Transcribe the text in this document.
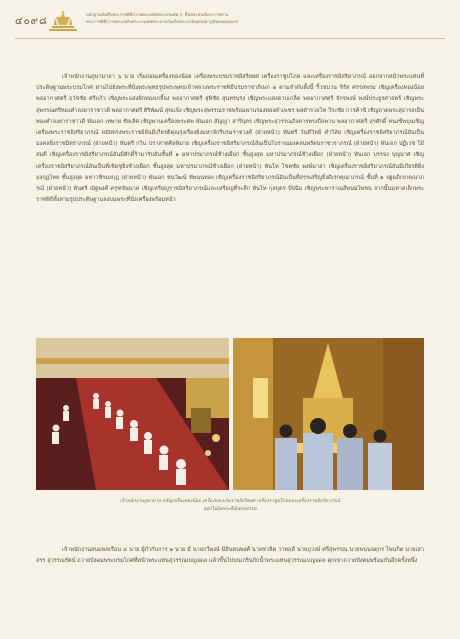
๔๐๙๘
หลักฐานบันทึกพระราชพิธีถวายพระเพลิงพระบรมศพ ก. สิ้นพระชนม์พระราชทาน
พระราชพิธีถวายพระเพลิงพระบรมศพพระบาทสมเด็จพระปรมินทรมหาภูมิพลอดุลยเดช

เจ้าพนักงานภูษามาลา ๖ นาย เริ่มถอนเครื่องทองน้อย เครื่องพระบรมราชอิสริยยศ เครื่องราชูปโภค และเครื่องราชอิสริยาภรณ์ ออกจากหน้าพระแท่นที่ประดิษฐานพระบรมโกศ ผ่านไปยังพระที่นั่งพระพุทธรูปพระพุทธเจ้าหลวงพระราชพิธีบรมราชาภิเษก ๑ ตามลำดับตั้งนี้ ริ้วขบวน จิรัส ศรรสพรม เชิญเครื่องทองน้อย พลอากาศตรี ธวัชชัย ศรีแก้ว เชิญพระแสงฝักทองเกลี้ยง พลอากาศตรี สุพิชัย สุนทรบุรง เชิญพระแสงดาบเกล็ด พลอากาศตรี จักรพงษ์ พงษ์ประยูรศาสตร์ เชิญพระสุพรรณศรีทองคำลงยาราชาวดี พลอากาศตรี ศิริพัฒน์ สุขแจ้ง เชิญพระสุพรรณราชพร้อมพานรองทองคำเพชร พลตำรวจโท วีระชัย การค้าขี เชิญถาดพระสุธารสเป็นทองคำลงยาราชาวดี พันเอก เทพาย ชัยเลิศ เชิญพานเครื่องพระศพ พันเอก สัญญา สาริบุตร เชิญพระสุวรรณภิงคารทรงถือพาน พลอากาศตรี สุรศักดิ์ ทนงชีพบุนเชิญเครื่องพระราชอิสริยาภรณ์ สมัยทรงพระราชย์อันมีเกียรติคุณรุ่งเรืองยิ่งมหาจักรีบรมราชวงศ์ (ฝ่ายหน้า) พันตรี วันดีวิทย์ คำวิลัย เชิญเครื่องราชอิสริยาภรณ์อันเป็นมงคลยิ่งราชมิตราภรณ์ (ฝ่ายหน้า) พันตรี กวิน ปราสาทศิลพิมาย เชิญเครื่องราชอิสริยาภรณ์อันเป็นโบราณมงคลนพรัตนราชวราภรณ์ (ฝ่ายหน้า) พันเอก ปฏิเวช โม้สมดี เชิญเครื่องราชอิสริยาภรณ์อันมีศักดิ์ร้ามารับอันชั้นที่ ๑ มหาปรมาภรณ์ช้างเผือก ชั้นสูงสุด มหาปรมาภรณ์ช้างเผือก (ฝ่ายหน้า) พันเอก บรรจง บุญมาศ เชิญเครื่องราชอิสริยาภรณ์อันเป็นที่เชิดชูยิ่งช้างเผือก ชั้นสูงสุด มหาปรมาภรณ์ช้างเผือก (ฝ่ายหน้า) พันโท โชคชัย พงษ์มาลา เชิญเครื่องราชอิสริยาภรณ์อันมีเกียรติยิ่งมงกุฎไทย ชั้นสูงสุด มหาวชิรมงกุฎ (ฝ่ายหน้า) พันเอก ชนวัฒน์ ทัพนนทอง เชิญเครื่องราชอิสริยาภรณ์อันเป็นที่สรรเสริญยิ่งดิเรกคุณาภรณ์ ชั้นที่ ๑ ปฐมดิเรกคุณาภรณ์ (ฝ่ายหน้า) พันตรี ณัฐพงศ์ ครุฑจันนาค เชิญเหรียญราชอิสริยาภรณ์และเหรียญที่ระลึก พันโท กุลบุตร ปัจฉิม เชิญพระพาราณสีพนมไพชน จากนั้นมหาดเล็กพระราชพิธีทั้งสามรูปประดิษฐานลงบนพระที่นั่งเครื่องพร้อมหน้า

เจ้าพนักงานภูษามาลาเชิญเครื่องทองน้อย เครื่องพระบรมราชอิสริยยศ เครื่องราชูปโภคและเครื่องราชอิสริยาภรณ์
ออกไปยังพระที่นั่งทรงธรรม

เจ้าพนักงานสนมพลเรือน ๔ นาย ผู้กำกับการ ๑ นาย มี นายกวีพงษ์ มีสินทนพงศ์ นายชวลิต วาหฤดี นายภูวงษ์ ศรีสุพรรณ นายพนนจตุกร ไพนกิต นายเสาสรร สุวรรณรัตน์ ถวายบังคมพระบรมโกศที่หน้าพระแท่นสุวรรณเบญจดล แล้วขึ้นไปบนเกรินกักน้ำพระแท่นสุวรรณเบญจดล คุกเข่าถวายบังคมพร้อมกันอีกครั้งหนึ่ง
